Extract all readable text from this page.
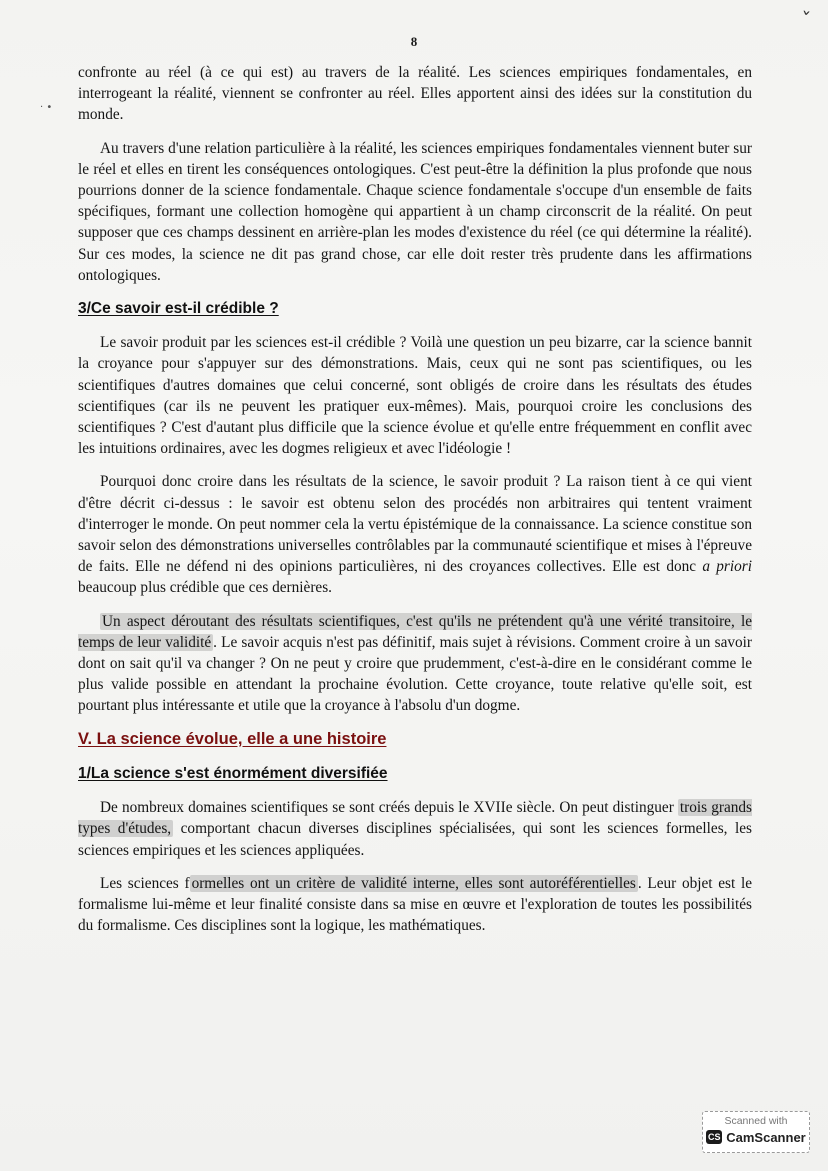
8
ˇ
· •

confronte au réel (à ce qui est) au travers de la réalité. Les sciences empiriques fondamentales, en interrogeant la réalité, viennent se confronter au réel. Elles apportent ainsi des idées sur la constitution du monde.

Au travers d'une relation particulière à la réalité, les sciences empiriques fondamentales viennent buter sur le réel et elles en tirent les conséquences ontologiques. C'est peut-être la définition la plus profonde que nous pourrions donner de la science fondamentale. Chaque science fondamentale s'occupe d'un ensemble de faits spécifiques, formant une collection homogène qui appartient à un champ circonscrit de la réalité. On peut supposer que ces champs dessinent en arrière-plan les modes d'existence du réel (ce qui détermine la réalité). Sur ces modes, la science ne dit pas grand chose, car elle doit rester très prudente dans les affirmations ontologiques.

3/Ce savoir est-il crédible ?

Le savoir produit par les sciences est-il crédible ? Voilà une question un peu bizarre, car la science bannit la croyance pour s'appuyer sur des démonstrations. Mais, ceux qui ne sont pas scientifiques, ou les scientifiques d'autres domaines que celui concerné, sont obligés de croire dans les résultats des études scientifiques (car ils ne peuvent les pratiquer eux-mêmes). Mais, pourquoi croire les conclusions des scientifiques ? C'est d'autant plus difficile que la science évolue et qu'elle entre fréquemment en conflit avec les intuitions ordinaires, avec les dogmes religieux et avec l'idéologie !

Pourquoi donc croire dans les résultats de la science, le savoir produit ? La raison tient à ce qui vient d'être décrit ci-dessus : le savoir est obtenu selon des procédés non arbitraires qui tentent vraiment d'interroger le monde. On peut nommer cela la vertu épistémique de la connaissance. La science constitue son savoir selon des démonstrations universelles contrôlables par la communauté scientifique et mises à l'épreuve de faits. Elle ne défend ni des opinions particulières, ni des croyances collectives. Elle est donc a priori beaucoup plus crédible que ces dernières.

Un aspect déroutant des résultats scientifiques, c'est qu'ils ne prétendent qu'à une vérité transitoire, le temps de leur validité . Le savoir acquis n'est pas définitif, mais sujet à révisions. Comment croire à un savoir dont on sait qu'il va changer ? On ne peut y croire que prudemment, c'est-à-dire en le considérant comme le plus valide possible en attendant la prochaine évolution. Cette croyance, toute relative qu'elle soit, est pourtant plus intéressante et utile que la croyance à l'absolu d'un dogme.

V. La science évolue, elle a une histoire
1/La science s'est énormément diversifiée

De nombreux domaines scientifiques se sont créés depuis le XVIIe siècle. On peut distinguer trois grands types d'études, comportant chacun diverses disciplines spécialisées, qui sont les sciences formelles, les sciences empiriques et les sciences appliquées.

Les sciences f ormelles ont un critère de validité interne, elles sont autoréférentielles . Leur objet est le formalisme lui-même et leur finalité consiste dans sa mise en œuvre et l'exploration de toutes les possibilités du formalisme. Ces disciplines sont la logique, les mathématiques.

Scanned with
CS CamScanner
